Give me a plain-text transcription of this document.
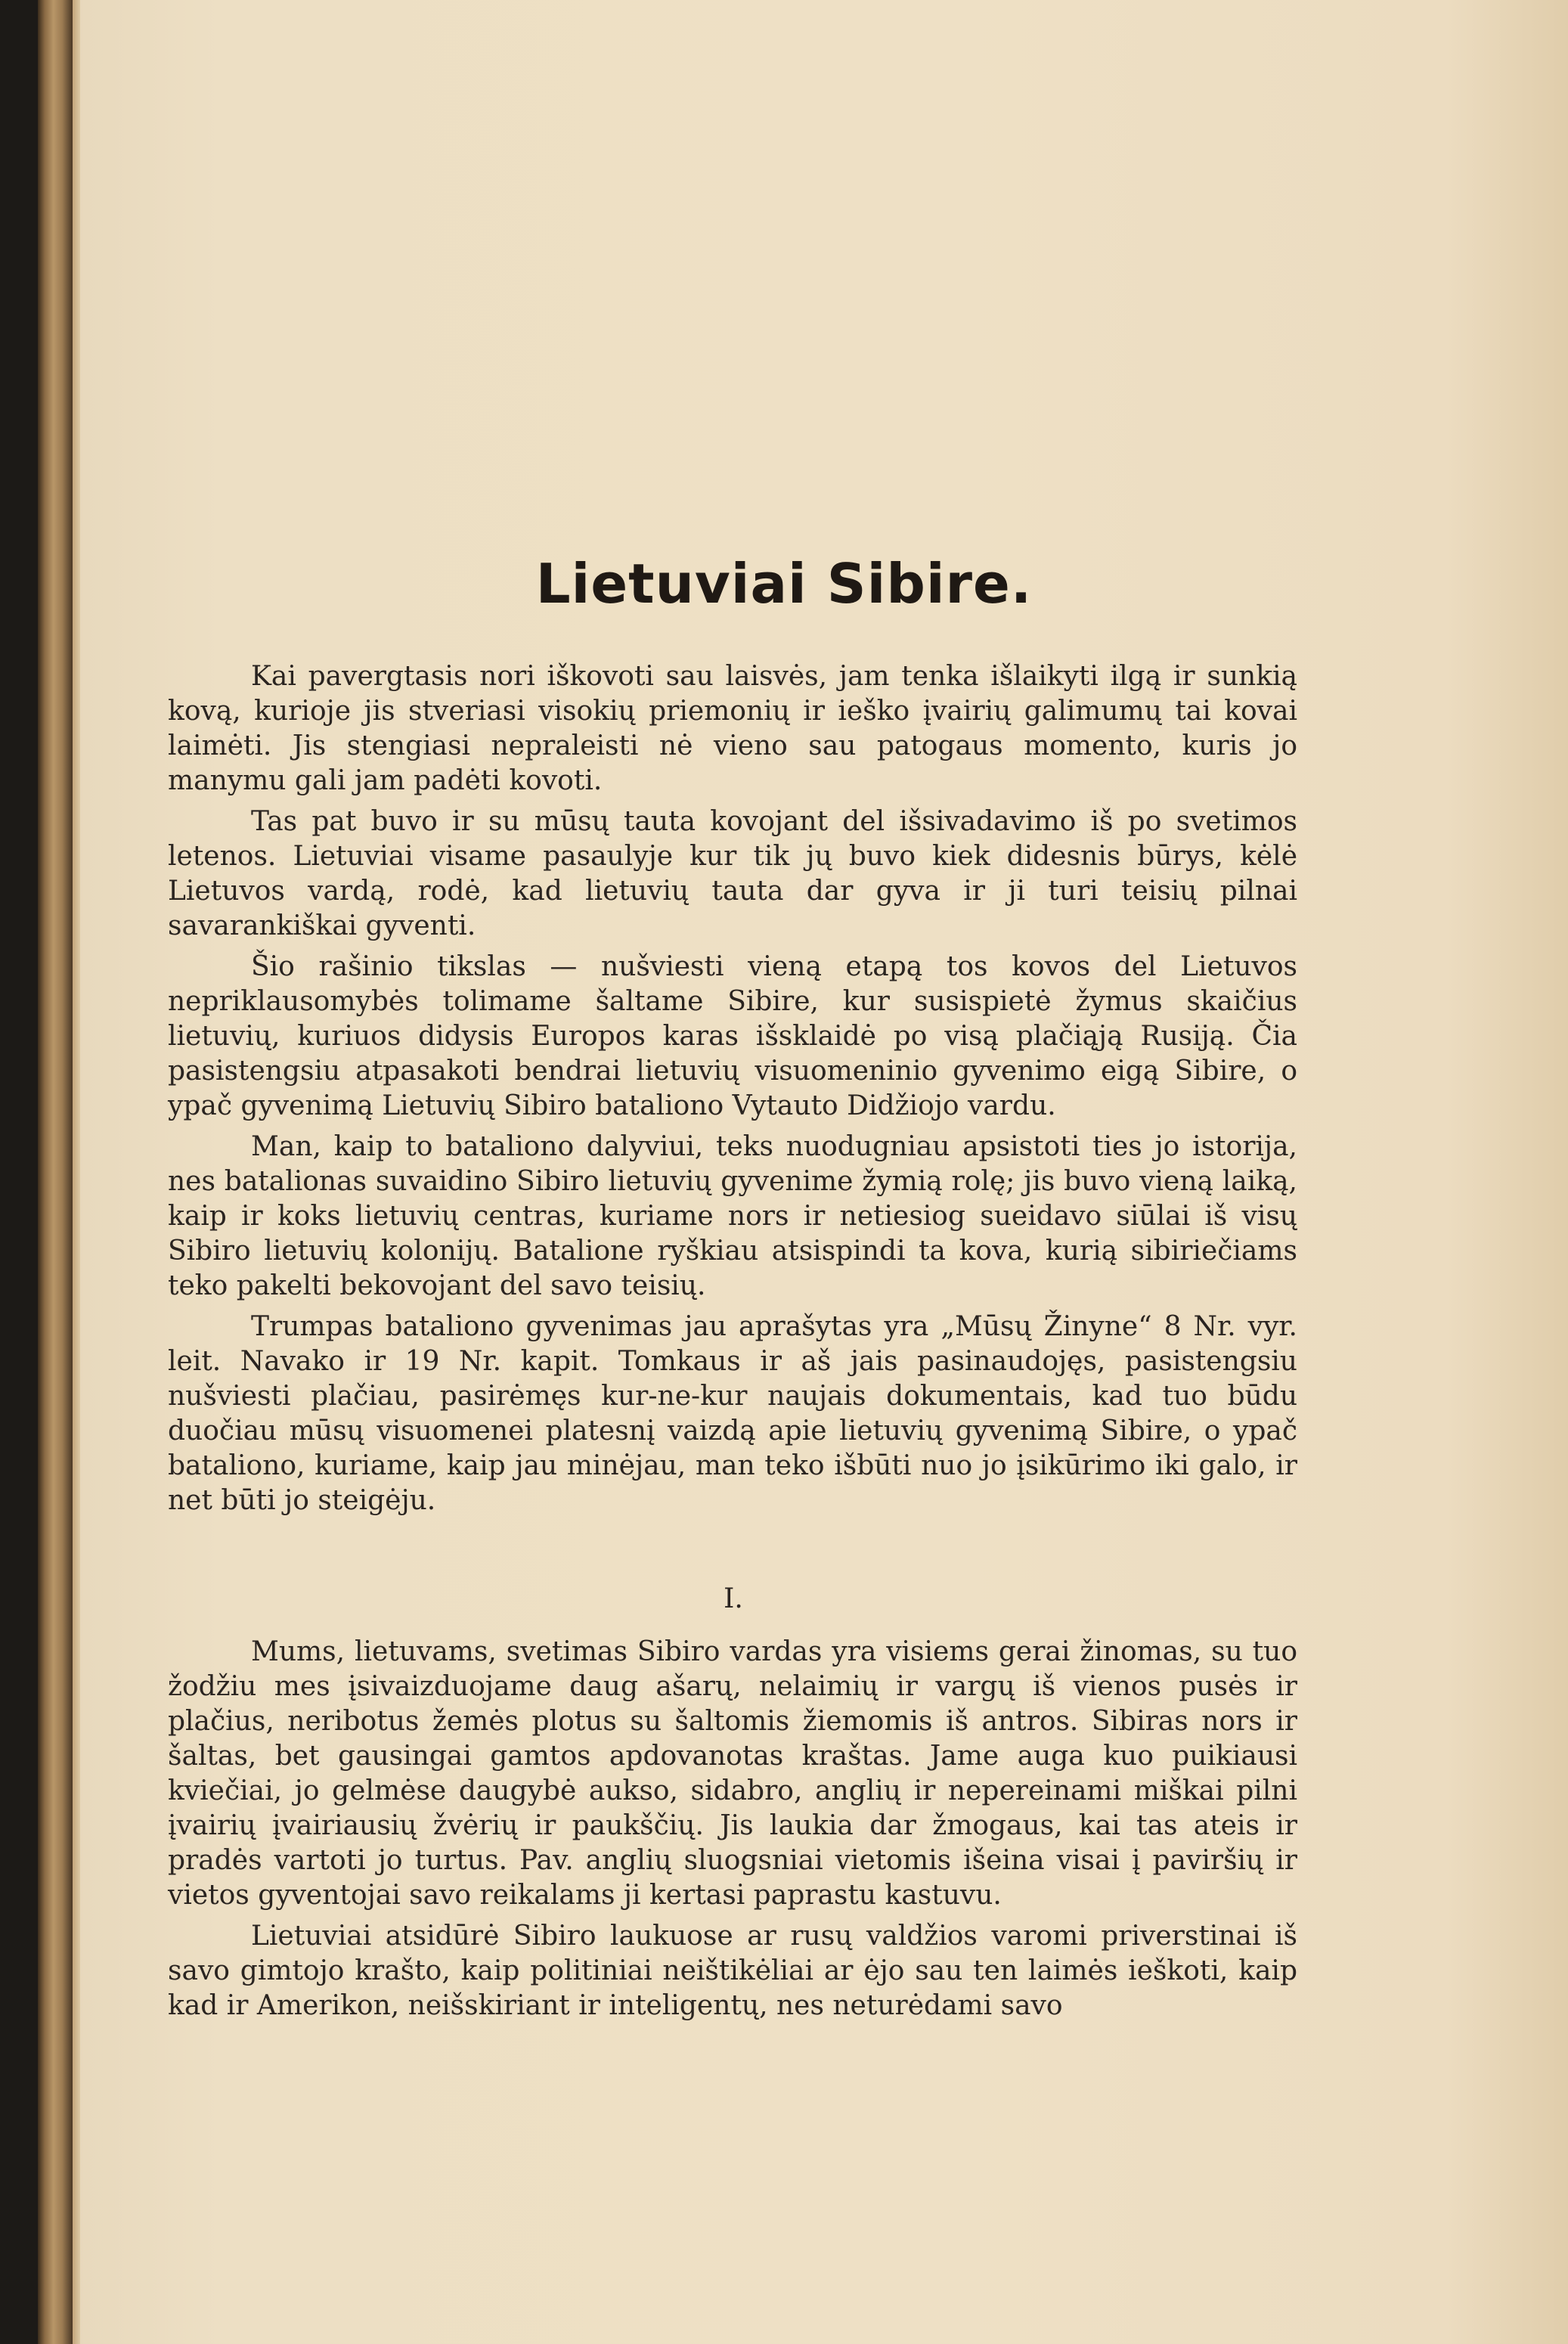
Lietuviai Sibire.

Kai pavergtasis nori iškovoti sau laisvės, jam tenka išlaikyti ilgą ir sunkią kovą, kurioje jis stveriasi visokių priemonių ir ieško įvairių galimumų tai kovai laimėti. Jis stengiasi nepraleisti nė vieno sau patogaus momento, kuris jo manymu gali jam padėti kovoti.

Tas pat buvo ir su mūsų tauta kovojant del išsivadavimo iš po svetimos letenos. Lietuviai visame pasaulyje kur tik jų buvo kiek didesnis būrys, kėlė Lietuvos vardą, rodė, kad lietuvių tauta dar gyva ir ji turi teisių pilnai savarankiškai gyventi.

Šio rašinio tikslas — nušviesti vieną etapą tos kovos del Lietuvos nepriklausomybės tolimame šaltame Sibire, kur susispietė žymus skaičius lietuvių, kuriuos didysis Europos karas išsklaidė po visą plačiąją Rusiją. Čia pasistengsiu atpasakoti bendrai lietuvių visuomeninio gyvenimo eigą Sibire, o ypač gyvenimą Lietuvių Sibiro bataliono Vytauto Didžiojo vardu.

Man, kaip to bataliono dalyviui, teks nuodugniau apsistoti ties jo istorija, nes batalionas suvaidino Sibiro lietuvių gyvenime žymią rolę; jis buvo vieną laiką, kaip ir koks lietuvių centras, kuriame nors ir netiesiog sueidavo siūlai iš visų Sibiro lietuvių kolonijų. Batalione ryškiau atsispindi ta kova, kurią sibiriečiams teko pakelti bekovojant del savo teisių.

Trumpas bataliono gyvenimas jau aprašytas yra „Mūsų Žinyne“ 8 Nr. vyr. leit. Navako ir 19 Nr. kapit. Tomkaus ir aš jais pasinaudojęs, pasistengsiu nušviesti plačiau, pasirėmęs kur-ne-kur naujais dokumentais, kad tuo būdu duočiau mūsų visuomenei platesnį vaizdą apie lietuvių gyvenimą Sibire, o ypač bataliono, kuriame, kaip jau minėjau, man teko išbūti nuo jo įsikūrimo iki galo, ir net būti jo steigėju.

I.

Mums, lietuvams, svetimas Sibiro vardas yra visiems gerai žinomas, su tuo žodžiu mes įsivaizduojame daug ašarų, nelaimių ir vargų iš vienos pusės ir plačius, neribotus žemės plotus su šaltomis žiemomis iš antros. Sibiras nors ir šaltas, bet gausingai gamtos apdovanotas kraštas. Jame auga kuo puikiausi kviečiai, jo gelmėse daugybė aukso, sidabro, anglių ir nepereinami miškai pilni įvairių įvairiausių žvėrių ir paukščių. Jis laukia dar žmogaus, kai tas ateis ir pradės vartoti jo turtus. Pav. anglių sluogsniai vietomis išeina visai į paviršių ir vietos gyventojai savo reikalams ji kertasi paprastu kastuvu.

Lietuviai atsidūrė Sibiro laukuose ar rusų valdžios varomi priverstinai iš savo gimtojo krašto, kaip politiniai neištikėliai ar ėjo sau ten laimės ieškoti, kaip kad ir Amerikon, neišskiriant ir inteligentų, nes neturėdami savo
